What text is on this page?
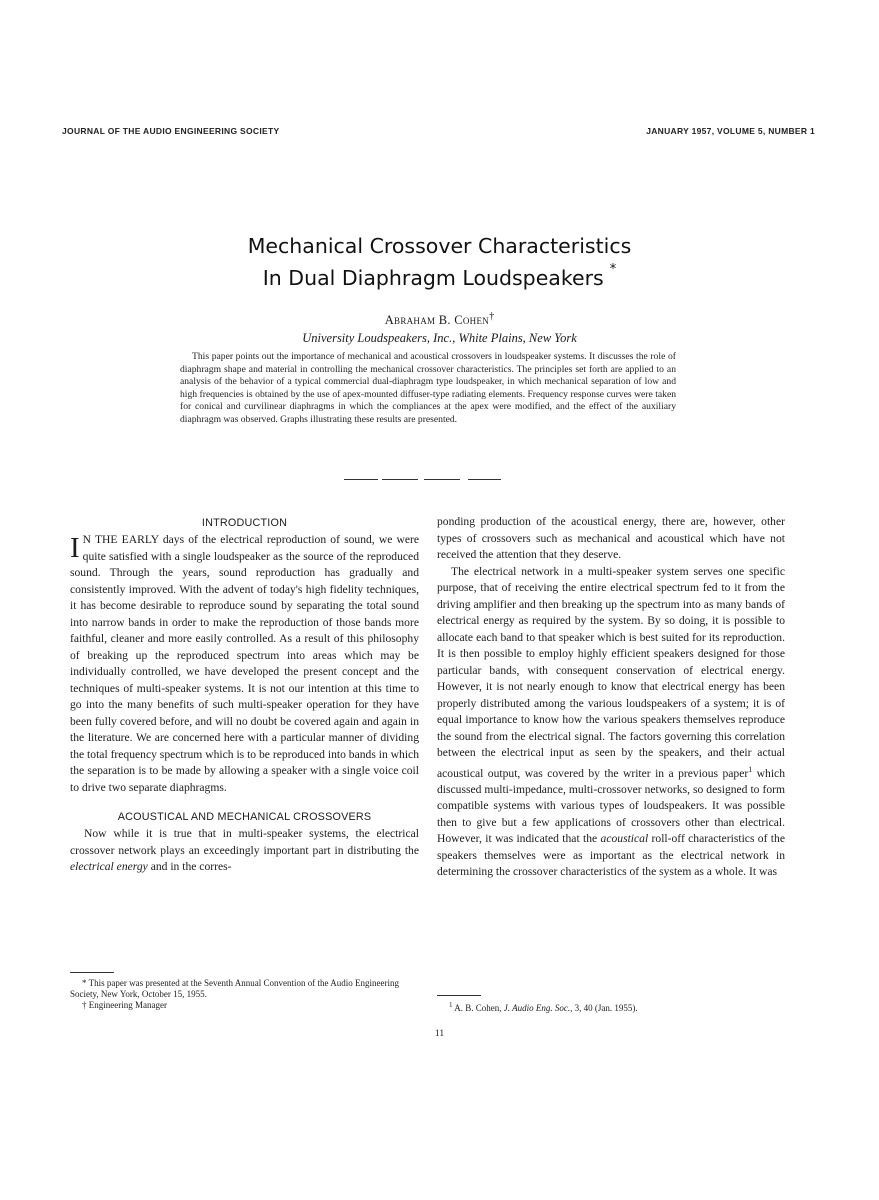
JOURNAL OF THE AUDIO ENGINEERING SOCIETY	JANUARY 1957, VOLUME 5, NUMBER 1
Mechanical Crossover Characteristics
In Dual Diaphragm Loudspeakers *
Abraham B. Cohen†
University Loudspeakers, Inc., White Plains, New York
This paper points out the importance of mechanical and acoustical crossovers in loudspeaker systems. It discusses the role of diaphragm shape and material in controlling the mechanical crossover characteristics. The principles set forth are applied to an analysis of the behavior of a typical commercial dual-diaphragm type loudspeaker, in which mechanical separation of low and high frequencies is obtained by the use of apex-mounted diffuser-type radiating elements. Frequency response curves were taken for conical and curvilinear diaphragms in which the compliances at the apex were modified, and the effect of the auxiliary diaphragm was observed. Graphs illustrating these results are presented.
INTRODUCTION

I N THE EARLY days of the electrical reproduction of sound, we were quite satisfied with a single loudspeaker as the source of the reproduced sound. Through the years, sound reproduction has gradually and consistently improved. With the advent of today's high fidelity techniques, it has become desirable to reproduce sound by separating the total sound into narrow bands in order to make the reproduction of those bands more faithful, cleaner and more easily controlled. As a result of this philosophy of breaking up the reproduced spectrum into areas which may be individually controlled, we have developed the present concept and the techniques of multi-speaker systems. It is not our intention at this time to go into the many benefits of such multi-speaker operation for they have been fully covered before, and will no doubt be covered again and again in the literature. We are concerned here with a particular manner of dividing the total frequency spectrum which is to be reproduced into bands in which the separation is to be made by allowing a speaker with a single voice coil to drive two separate diaphragms.

ACOUSTICAL AND MECHANICAL CROSSOVERS

Now while it is true that in multi-speaker systems, the electrical crossover network plays an exceedingly important part in distributing the electrical energy and in the corres-

ponding production of the acoustical energy, there are, however, other types of crossovers such as mechanical and acoustical which have not received the attention that they deserve.

The electrical network in a multi-speaker system serves one specific purpose, that of receiving the entire electrical spectrum fed to it from the driving amplifier and then breaking up the spectrum into as many bands of electrical energy as required by the system. By so doing, it is possible to allocate each band to that speaker which is best suited for its reproduction. It is then possible to employ highly efficient speakers designed for those particular bands, with consequent conservation of electrical energy. However, it is not nearly enough to know that electrical energy has been properly distributed among the various loudspeakers of a system; it is of equal importance to know how the various speakers themselves reproduce the sound from the electrical signal. The factors governing this correlation between the electrical input as seen by the speakers, and their actual acoustical output, was covered by the writer in a previous paper$^1$ which discussed multi-impedance, multi-crossover networks, so designed to form compatible systems with various types of loudspeakers. It was possible then to give but a few applications of crossovers other than electrical. However, it was indicated that the acoustical roll-off characteristics of the speakers themselves were as important as the electrical network in determining the crossover characteristics of the system as a whole. It was

* This paper was presented at the Seventh Annual Convention of the Audio Engineering Society, New York, October 15, 1955.

† Engineering Manager	$^1$ A. B. Cohen, J. Audio Eng. Soc., 3, 40 (Jan. 1955).

11
